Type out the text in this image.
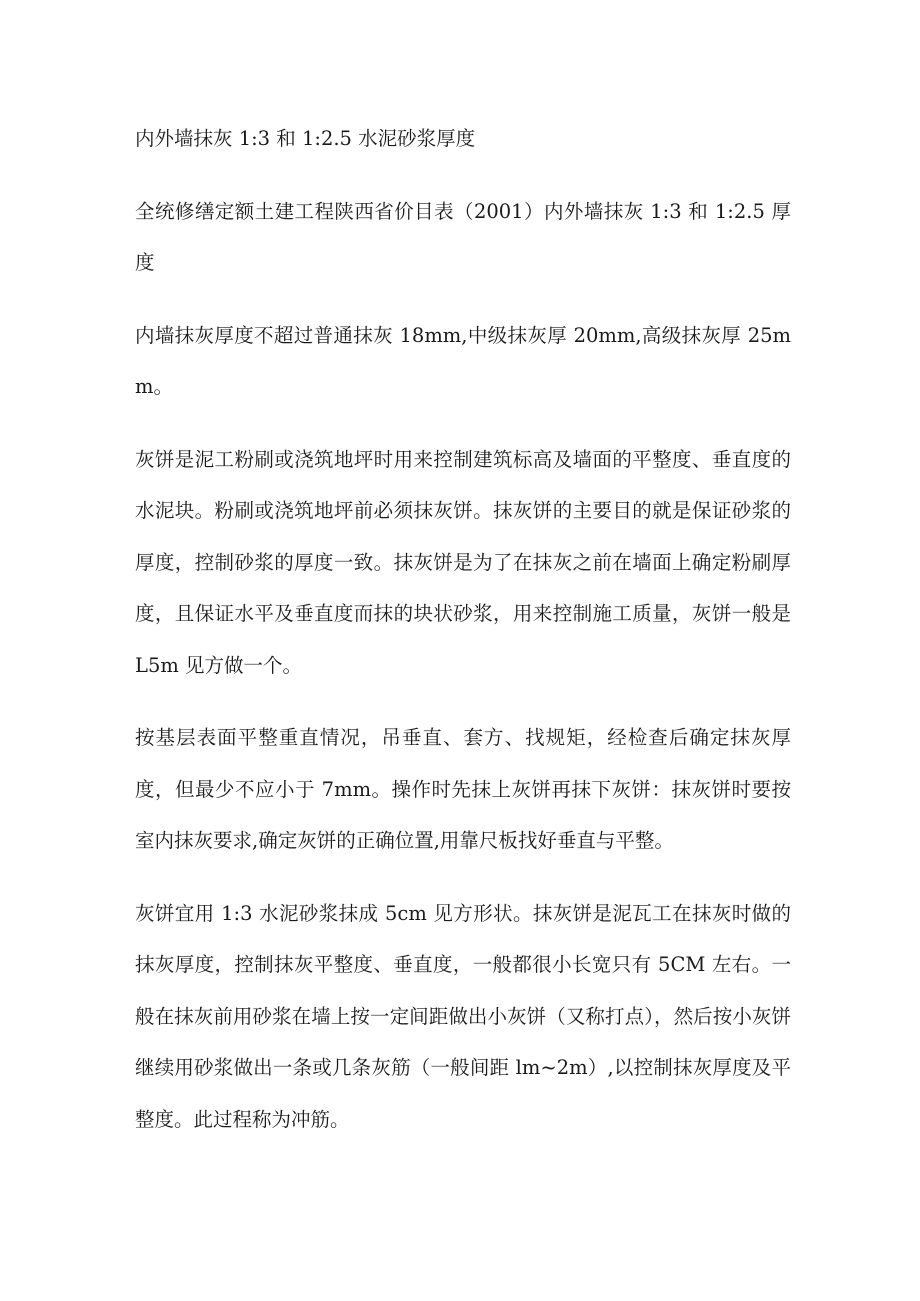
内外墙抹灰 1:3 和 1:2.5 水泥砂浆厚度

全统修缮定额土建工程陕西省价目表（2001）内外墙抹灰 1:3 和 1:2.5 厚度

内墙抹灰厚度不超过普通抹灰 18mm,中级抹灰厚 20mm,高级抹灰厚 25mm。

灰饼是泥工粉刷或浇筑地坪时用来控制建筑标高及墙面的平整度、垂直度的水泥块。粉刷或浇筑地坪前必须抹灰饼。抹灰饼的主要目的就是保证砂浆的厚度，控制砂浆的厚度一致。抹灰饼是为了在抹灰之前在墙面上确定粉刷厚度，且保证水平及垂直度而抹的块状砂浆，用来控制施工质量，灰饼一般是 L5m 见方做一个。

按基层表面平整重直情况，吊垂直、套方、找规矩，经检查后确定抹灰厚度，但最少不应小于 7mm。操作时先抹上灰饼再抹下灰饼：抹灰饼时要按室内抹灰要求,确定灰饼的正确位置,用靠尺板找好垂直与平整。

灰饼宜用 1:3 水泥砂浆抹成 5cm 见方形状。抹灰饼是泥瓦工在抹灰时做的抹灰厚度，控制抹灰平整度、垂直度，一般都很小长宽只有 5CM 左右。一般在抹灰前用砂浆在墙上按一定间距做出小灰饼（又称打点），然后按小灰饼继续用砂浆做出一条或几条灰筋（一般间距 lm~2m）,以控制抹灰厚度及平整度。此过程称为冲筋。
